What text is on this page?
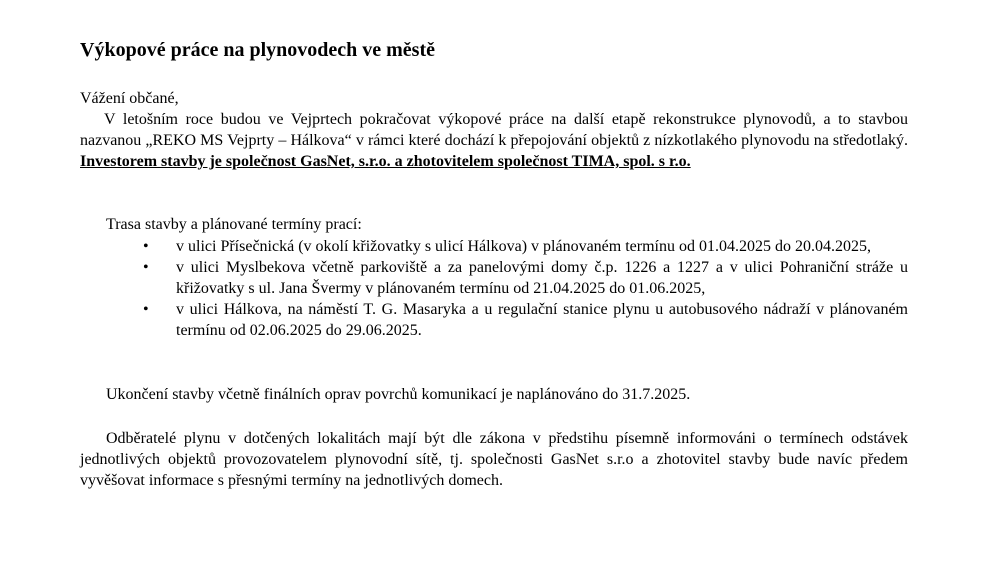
Výkopové práce na plynovodech ve městě

Vážení občané,

V letošním roce budou ve Vejprtech pokračovat výkopové práce na další etapě rekonstrukce plynovodů, a to stavbou nazvanou „REKO MS Vejprty – Hálkova“ v rámci které dochází k přepojování objektů z nízkotlakého plynovodu na středotlaký. Investorem stavby je společnost GasNet, s.r.o. a zhotovitelem společnost TIMA, spol. s r.o.

Trasa stavby a plánované termíny prací:

• v ulici Přísečnická (v okolí křižovatky s ulicí Hálkova) v plánovaném termínu od 01.04.2025 do 20.04.2025,
• v ulici Myslbekova včetně parkoviště a za panelovými domy č.p. 1226 a 1227 a v ulici Pohraniční stráže u křižovatky s ul. Jana Švermy v plánovaném termínu od 21.04.2025 do 01.06.2025,
• v ulici Hálkova, na náměstí T. G. Masaryka a u regulační stanice plynu u autobusového nádraží v plánovaném termínu od 02.06.2025 do 29.06.2025.

Ukončení stavby včetně finálních oprav povrchů komunikací je naplánováno do 31.7.2025.

Odběratelé plynu v dotčených lokalitách mají být dle zákona v předstihu písemně informováni o termínech odstávek jednotlivých objektů provozovatelem plynovodní sítě, tj. společnosti GasNet s.r.o a zhotovitel stavby bude navíc předem vyvěšovat informace s přesnými termíny na jednotlivých domech.
